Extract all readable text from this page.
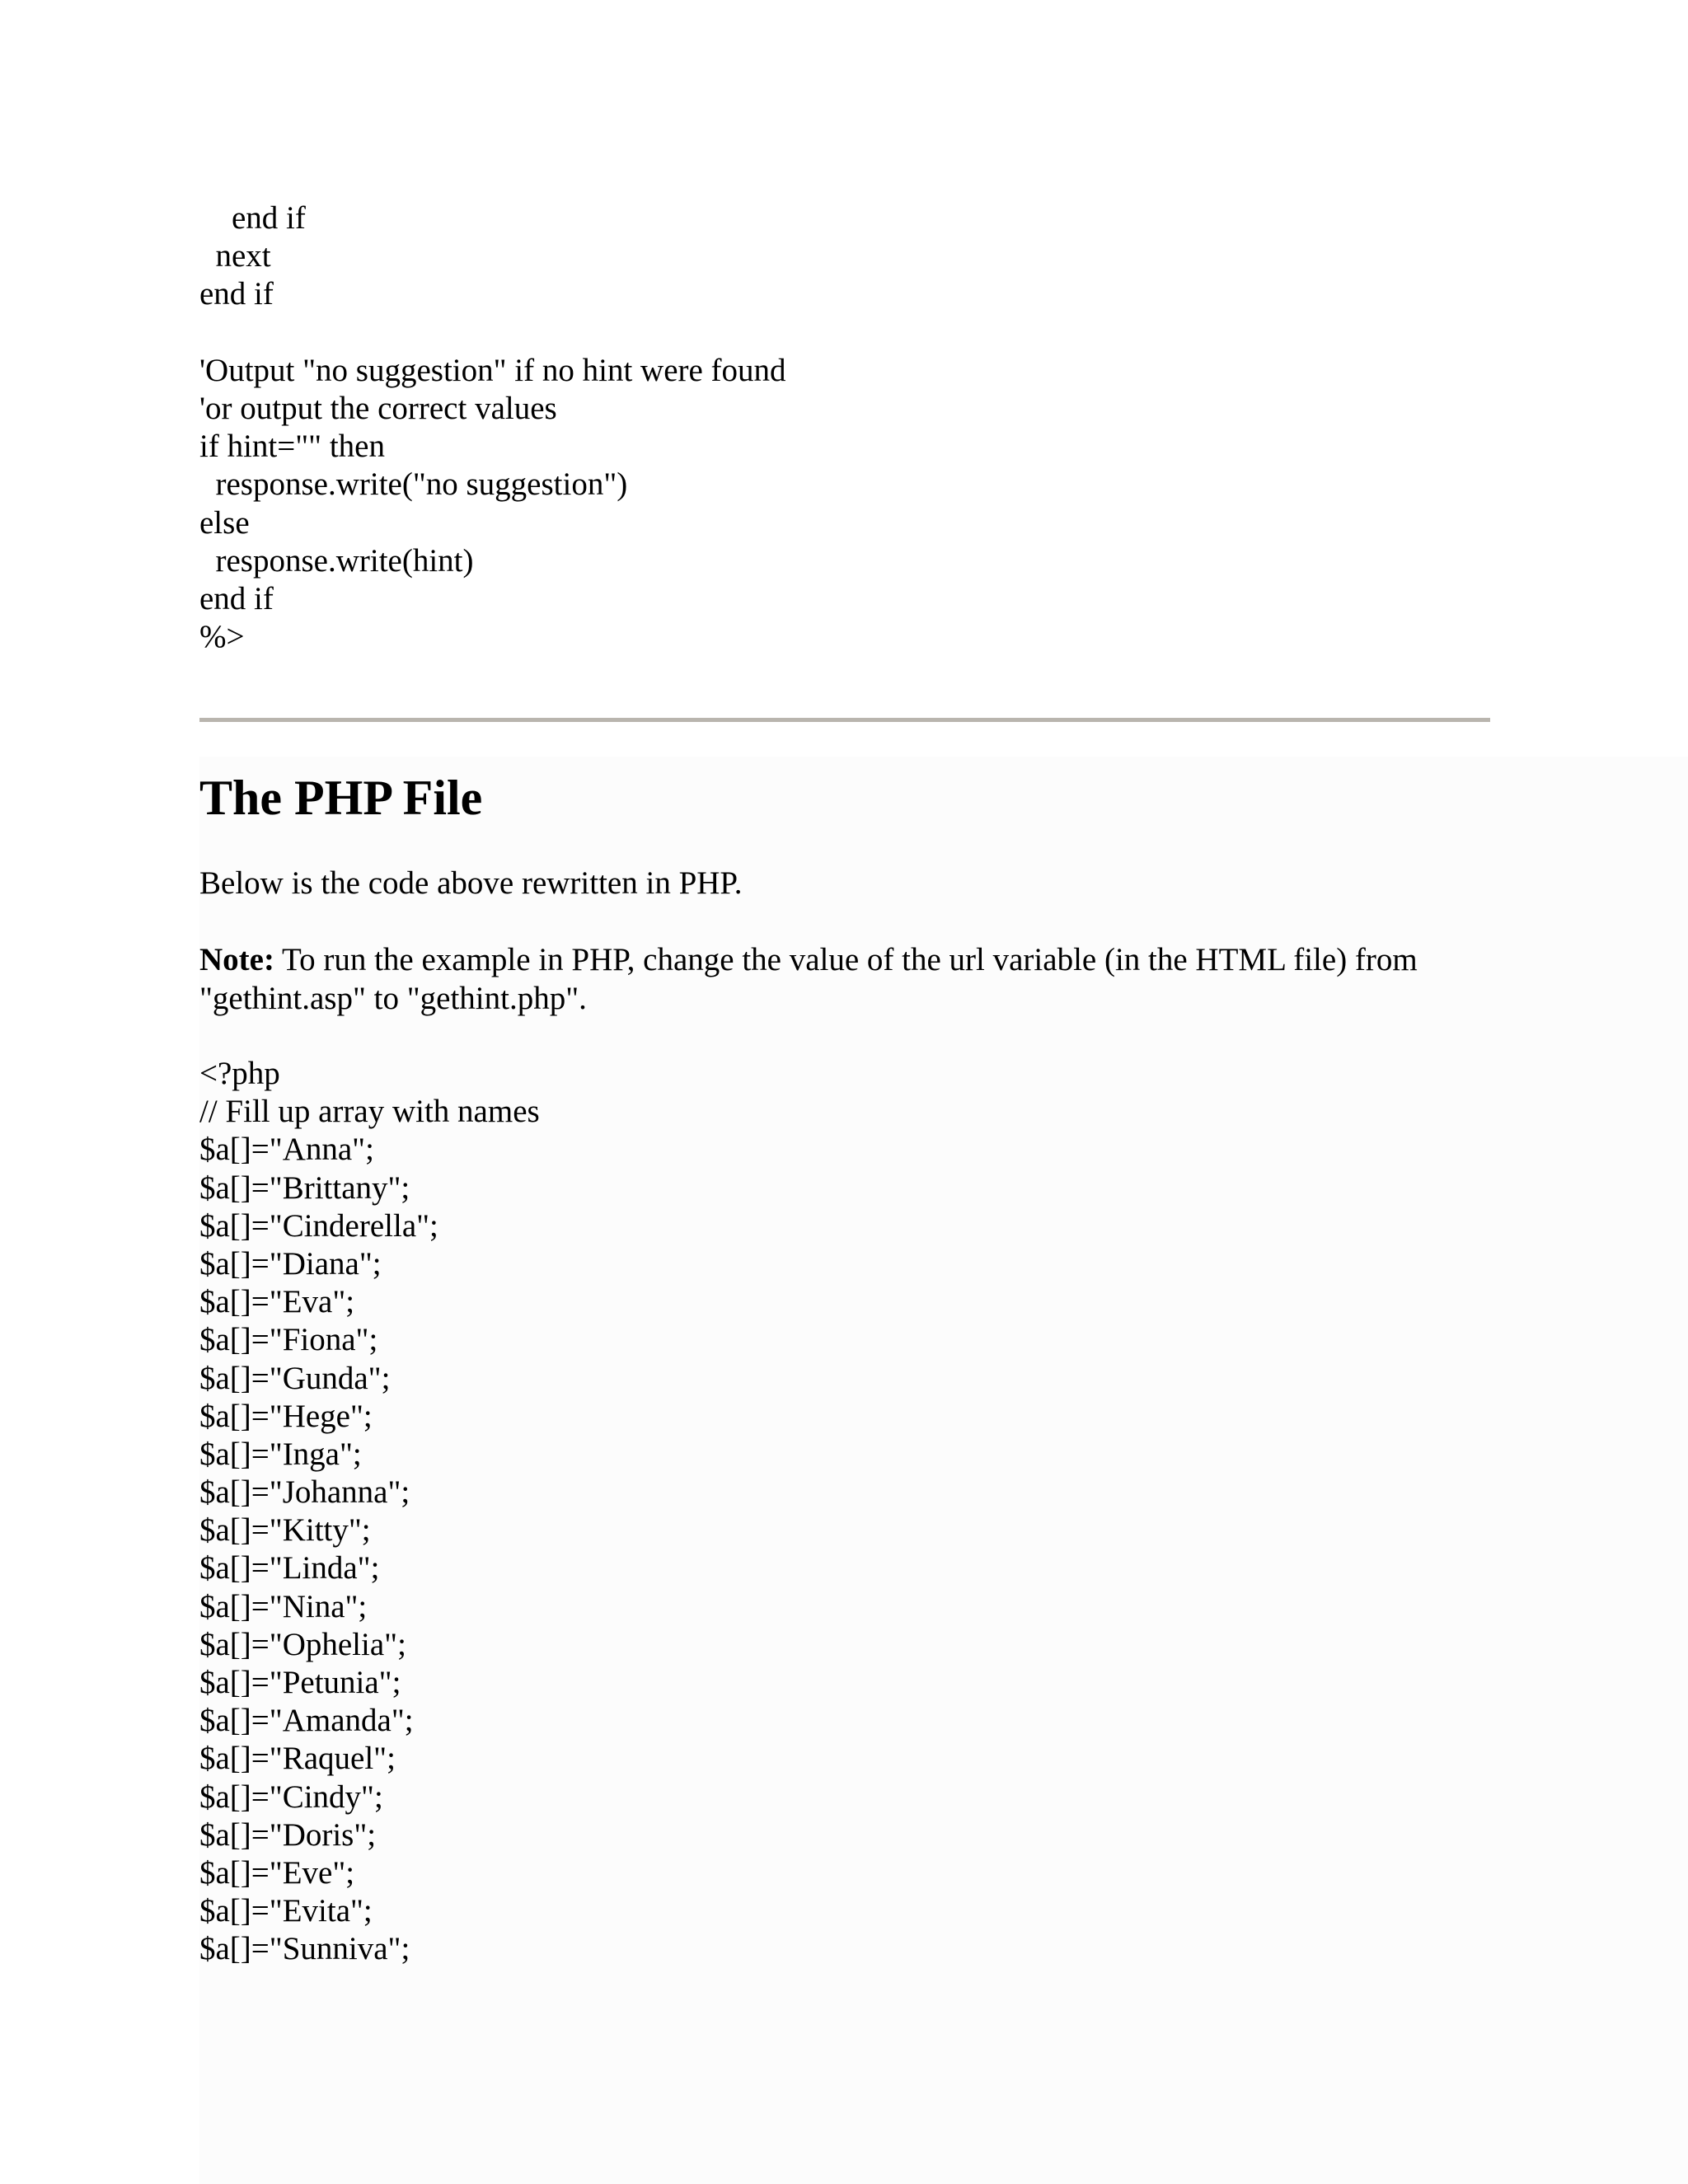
end if
next
end if
'Output "no suggestion" if no hint were found
'or output the correct values
if hint="" then
response.write("no suggestion")
else
response.write(hint)
end if
%>
The PHP File

Below is the code above rewritten in PHP.

Note: To run the example in PHP, change the value of the url variable (in the HTML file) from "gethint.asp" to "gethint.php".

<?php
// Fill up array with names
$a[]="Anna";
$a[]="Brittany";
$a[]="Cinderella";
$a[]="Diana";
$a[]="Eva";
$a[]="Fiona";
$a[]="Gunda";
$a[]="Hege";
$a[]="Inga";
$a[]="Johanna";
$a[]="Kitty";
$a[]="Linda";
$a[]="Nina";
$a[]="Ophelia";
$a[]="Petunia";
$a[]="Amanda";
$a[]="Raquel";
$a[]="Cindy";
$a[]="Doris";
$a[]="Eve";
$a[]="Evita";
$a[]="Sunniva";
